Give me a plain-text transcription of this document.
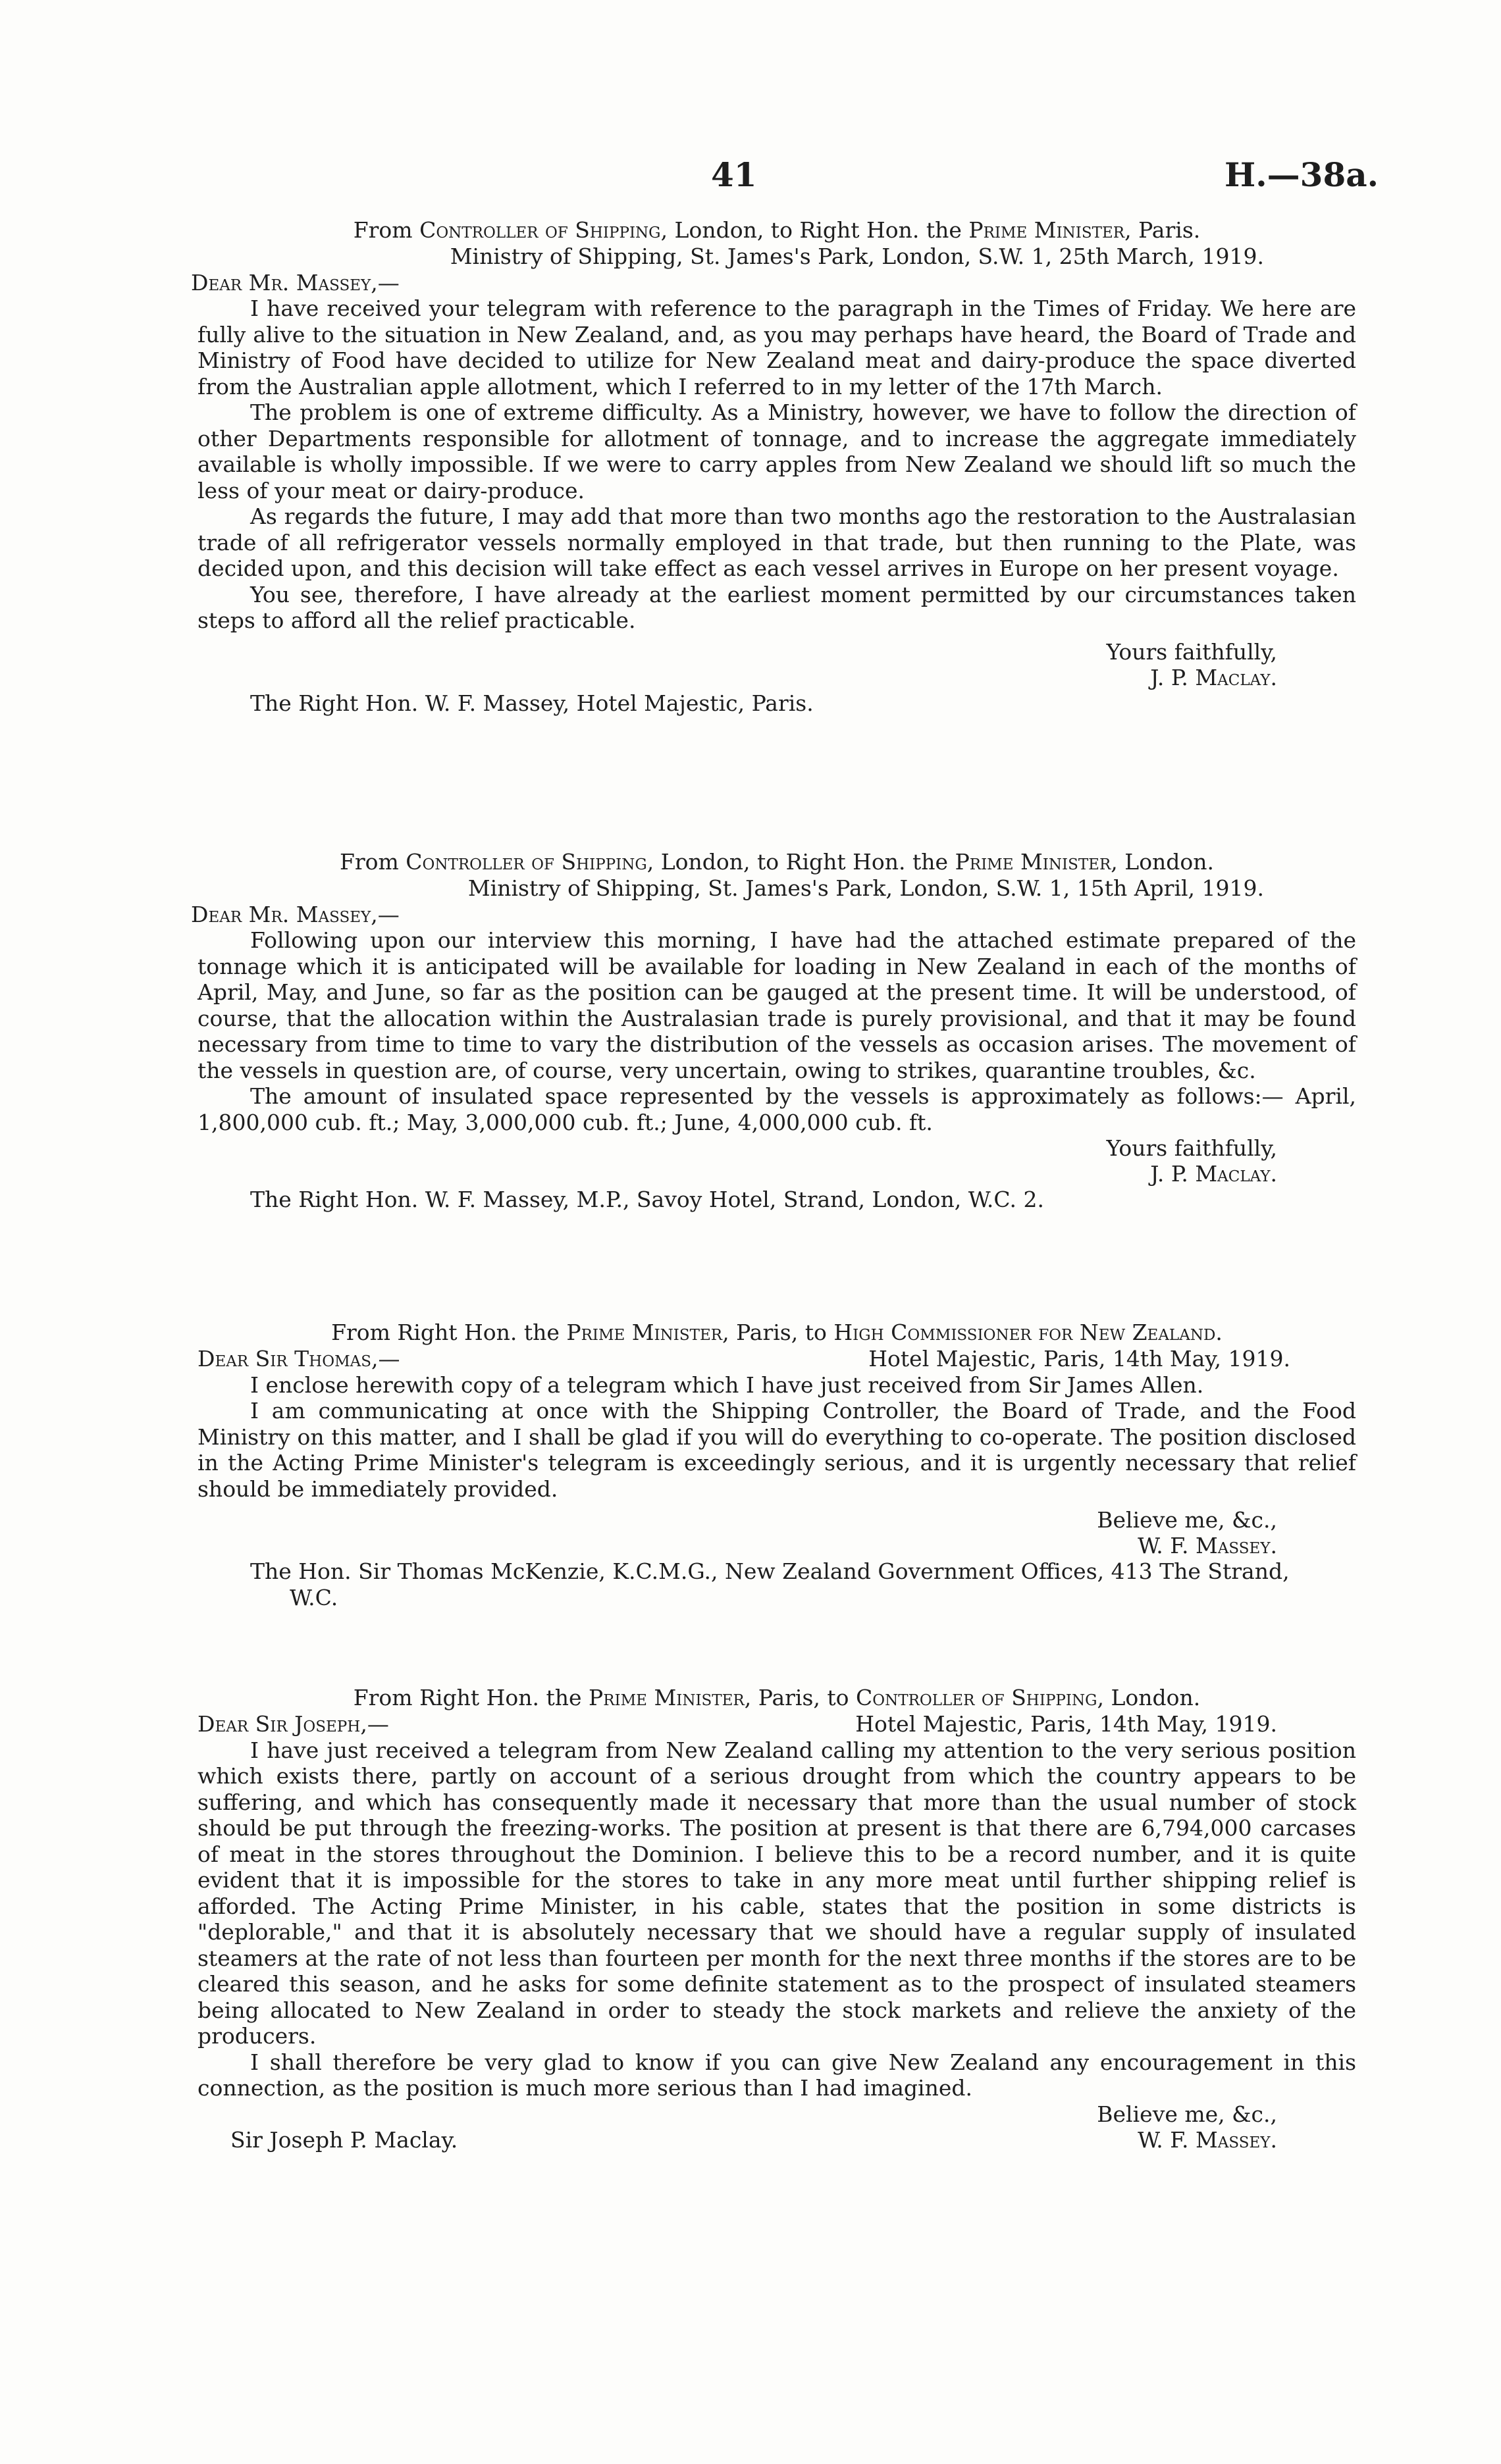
41	H.—38a.
From Controller of Shipping, London, to Right Hon. the Prime Minister, Paris.
Ministry of Shipping, St. James's Park, London, S.W. 1, 25th March, 1919.
Dear Mr. Massey,—

I have received your telegram with reference to the paragraph in the Times of Friday. We here are fully alive to the situation in New Zealand, and, as you may perhaps have heard, the Board of Trade and Ministry of Food have decided to utilize for New Zealand meat and dairy-produce the space diverted from the Australian apple allotment, which I referred to in my letter of the 17th March.

The problem is one of extreme difficulty. As a Ministry, however, we have to follow the direction of other Departments responsible for allotment of tonnage, and to increase the aggregate immediately available is wholly impossible. If we were to carry apples from New Zealand we should lift so much the less of your meat or dairy-produce.

As regards the future, I may add that more than two months ago the restoration to the Australasian trade of all refrigerator vessels normally employed in that trade, but then running to the Plate, was decided upon, and this decision will take effect as each vessel arrives in Europe on her present voyage.

You see, therefore, I have already at the earliest moment permitted by our circumstances taken steps to afford all the relief practicable.

Yours faithfully,
J. P. Maclay.
The Right Hon. W. F. Massey, Hotel Majestic, Paris.
From Controller of Shipping, London, to Right Hon. the Prime Minister, London.
Ministry of Shipping, St. James's Park, London, S.W. 1, 15th April, 1919.
Dear Mr. Massey,—

Following upon our interview this morning, I have had the attached estimate prepared of the tonnage which it is anticipated will be available for loading in New Zealand in each of the months of April, May, and June, so far as the position can be gauged at the present time. It will be understood, of course, that the allocation within the Australasian trade is purely provisional, and that it may be found necessary from time to time to vary the distribution of the vessels as occasion arises. The movement of the vessels in question are, of course, very uncertain, owing to strikes, quarantine troubles, &c.

The amount of insulated space represented by the vessels is approximately as follows:— April, 1,800,000 cub. ft.; May, 3,000,000 cub. ft.; June, 4,000,000 cub. ft.

Yours faithfully,
J. P. Maclay.
The Right Hon. W. F. Massey, M.P., Savoy Hotel, Strand, London, W.C. 2.
From Right Hon. the Prime Minister, Paris, to High Commissioner for New Zealand.
Dear Sir Thomas,—	Hotel Majestic, Paris, 14th May, 1919.

I enclose herewith copy of a telegram which I have just received from Sir James Allen.

I am communicating at once with the Shipping Controller, the Board of Trade, and the Food Ministry on this matter, and I shall be glad if you will do everything to co-operate. The position disclosed in the Acting Prime Minister's telegram is exceedingly serious, and it is urgently necessary that relief should be immediately provided.

Believe me, &c.,
W. F. Massey.
The Hon. Sir Thomas McKenzie, K.C.M.G., New Zealand Government Offices, 413 The Strand,
W.C.
From Right Hon. the Prime Minister, Paris, to Controller of Shipping, London.
Dear Sir Joseph,—	Hotel Majestic, Paris, 14th May, 1919.

I have just received a telegram from New Zealand calling my attention to the very serious position which exists there, partly on account of a serious drought from which the country appears to be suffering, and which has consequently made it necessary that more than the usual number of stock should be put through the freezing-works. The position at present is that there are 6,794,000 carcases of meat in the stores throughout the Dominion. I believe this to be a record number, and it is quite evident that it is impossible for the stores to take in any more meat until further shipping relief is afforded. The Acting Prime Minister, in his cable, states that the position in some districts is "deplorable," and that it is absolutely necessary that we should have a regular supply of insulated steamers at the rate of not less than fourteen per month for the next three months if the stores are to be cleared this season, and he asks for some definite statement as to the prospect of insulated steamers being allocated to New Zealand in order to steady the stock markets and relieve the anxiety of the producers.

I shall therefore be very glad to know if you can give New Zealand any encouragement in this connection, as the position is much more serious than I had imagined.

Believe me, &c.,
Sir Joseph P. Maclay.	W. F. Massey.
